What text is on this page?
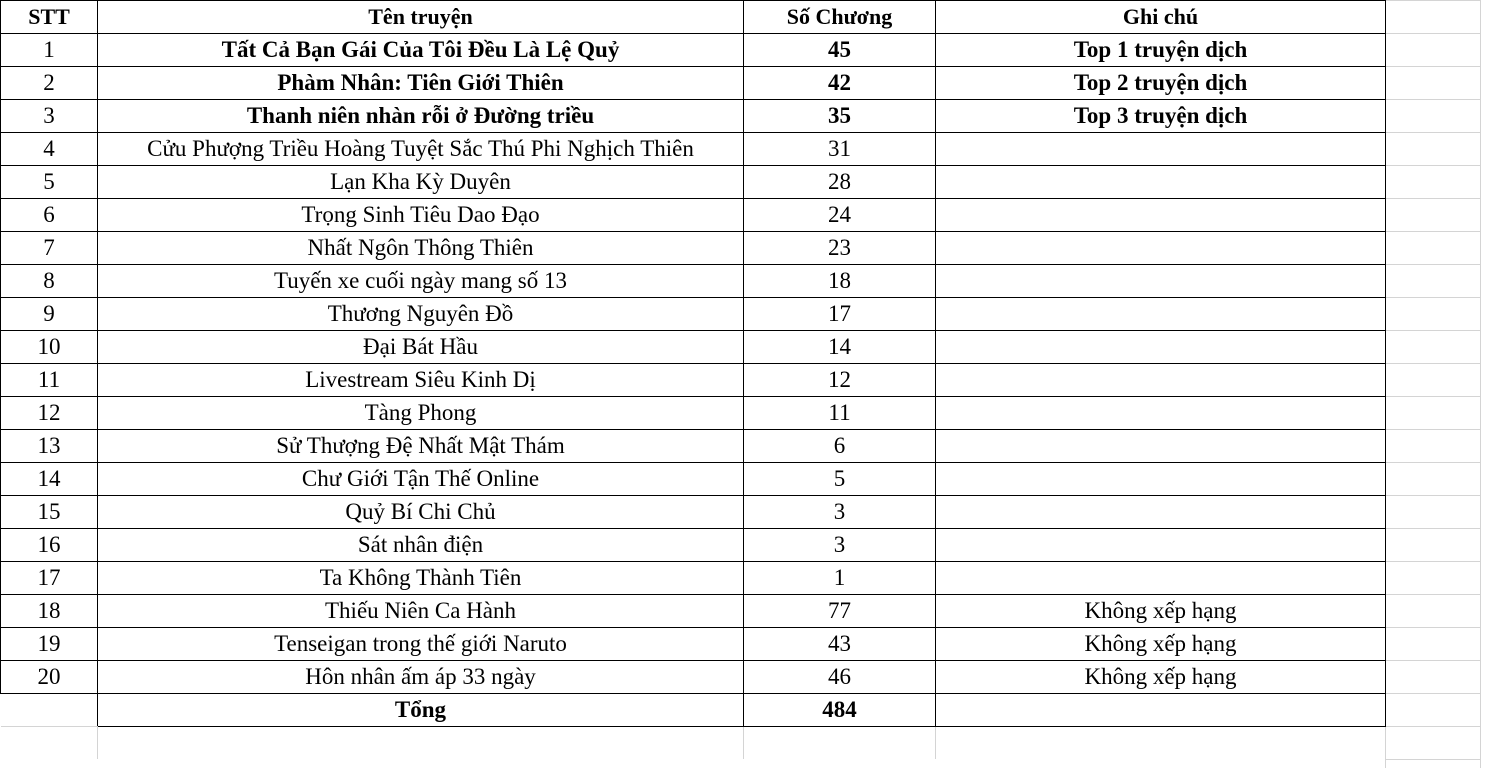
STT	Tên truyện	Số Chương	Ghi chú
1	Tất Cả Bạn Gái Của Tôi Đều Là Lệ Quỷ	45	Top 1 truyện dịch
2	Phàm Nhân: Tiên Giới Thiên	42	Top 2 truyện dịch
3	Thanh niên nhàn rỗi ở Đường triều	35	Top 3 truyện dịch
4	Cửu Phượng Triều Hoàng Tuyệt Sắc Thú Phi Nghịch Thiên	31	
5	Lạn Kha Kỳ Duyên	28	
6	Trọng Sinh Tiêu Dao Đạo	24	
7	Nhất Ngôn Thông Thiên	23	
8	Tuyến xe cuối ngày mang số 13	18	
9	Thương Nguyên Đồ	17	
10	Đại Bát Hầu	14	
11	Livestream Siêu Kinh Dị	12	
12	Tàng Phong	11	
13	Sử Thượng Đệ Nhất Mật Thám	6	
14	Chư Giới Tận Thế Online	5	
15	Quỷ Bí Chi Chủ	3	
16	Sát nhân điện	3	
17	Ta Không Thành Tiên	1	
18	Thiếu Niên Ca Hành	77	Không xếp hạng
19	Tenseigan trong thế giới Naruto	43	Không xếp hạng
20	Hôn nhân ấm áp 33 ngày	46	Không xếp hạng
	Tổng	484	
